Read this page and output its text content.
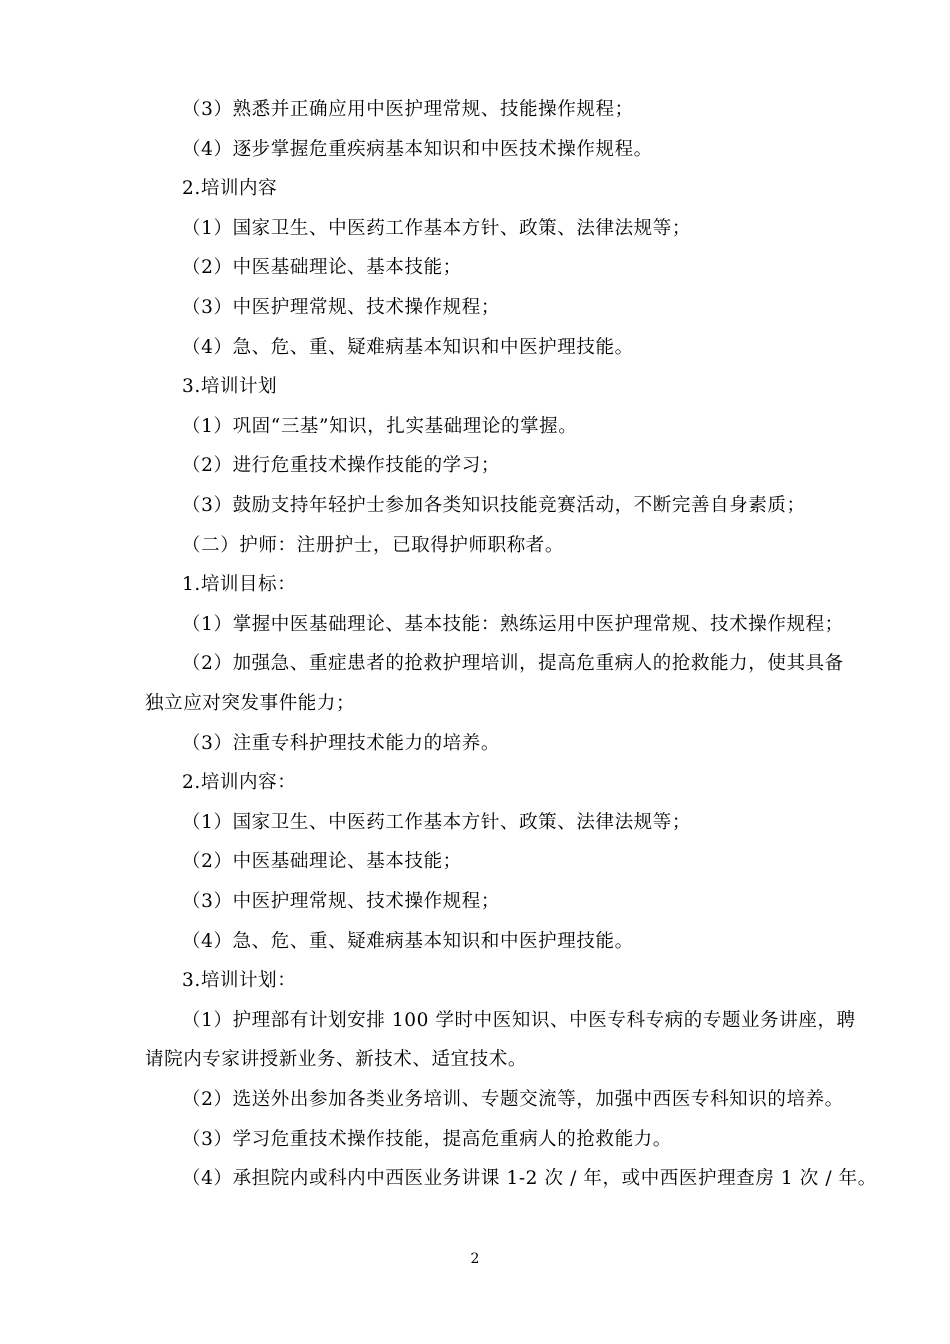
（3）熟悉并正确应用中医护理常规、技能操作规程；
（4）逐步掌握危重疾病基本知识和中医技术操作规程。
2.培训内容
（1）国家卫生、中医药工作基本方针、政策、法律法规等；
（2）中医基础理论、基本技能；
（3）中医护理常规、技术操作规程；
（4）急、危、重、疑难病基本知识和中医护理技能。
3.培训计划
（1）巩固“三基”知识，扎实基础理论的掌握。
（2）进行危重技术操作技能的学习；
（3）鼓励支持年轻护士参加各类知识技能竞赛活动，不断完善自身素质；
（二）护师：注册护士，已取得护师职称者。
1.培训目标：
（1）掌握中医基础理论、基本技能：熟练运用中医护理常规、技术操作规程；
（2）加强急、重症患者的抢救护理培训，提高危重病人的抢救能力，使其具备
独立应对突发事件能力；
（3）注重专科护理技术能力的培养。
2.培训内容：
（1）国家卫生、中医药工作基本方针、政策、法律法规等；
（2）中医基础理论、基本技能；
（3）中医护理常规、技术操作规程；
（4）急、危、重、疑难病基本知识和中医护理技能。
3.培训计划：
（1）护理部有计划安排 100 学时中医知识、中医专科专病的专题业务讲座，聘
请院内专家讲授新业务、新技术、适宜技术。
（2）选送外出参加各类业务培训、专题交流等，加强中西医专科知识的培养。
（3）学习危重技术操作技能，提高危重病人的抢救能力。
（4）承担院内或科内中西医业务讲课 1-2 次 / 年，或中西医护理查房 1 次 / 年。
2
